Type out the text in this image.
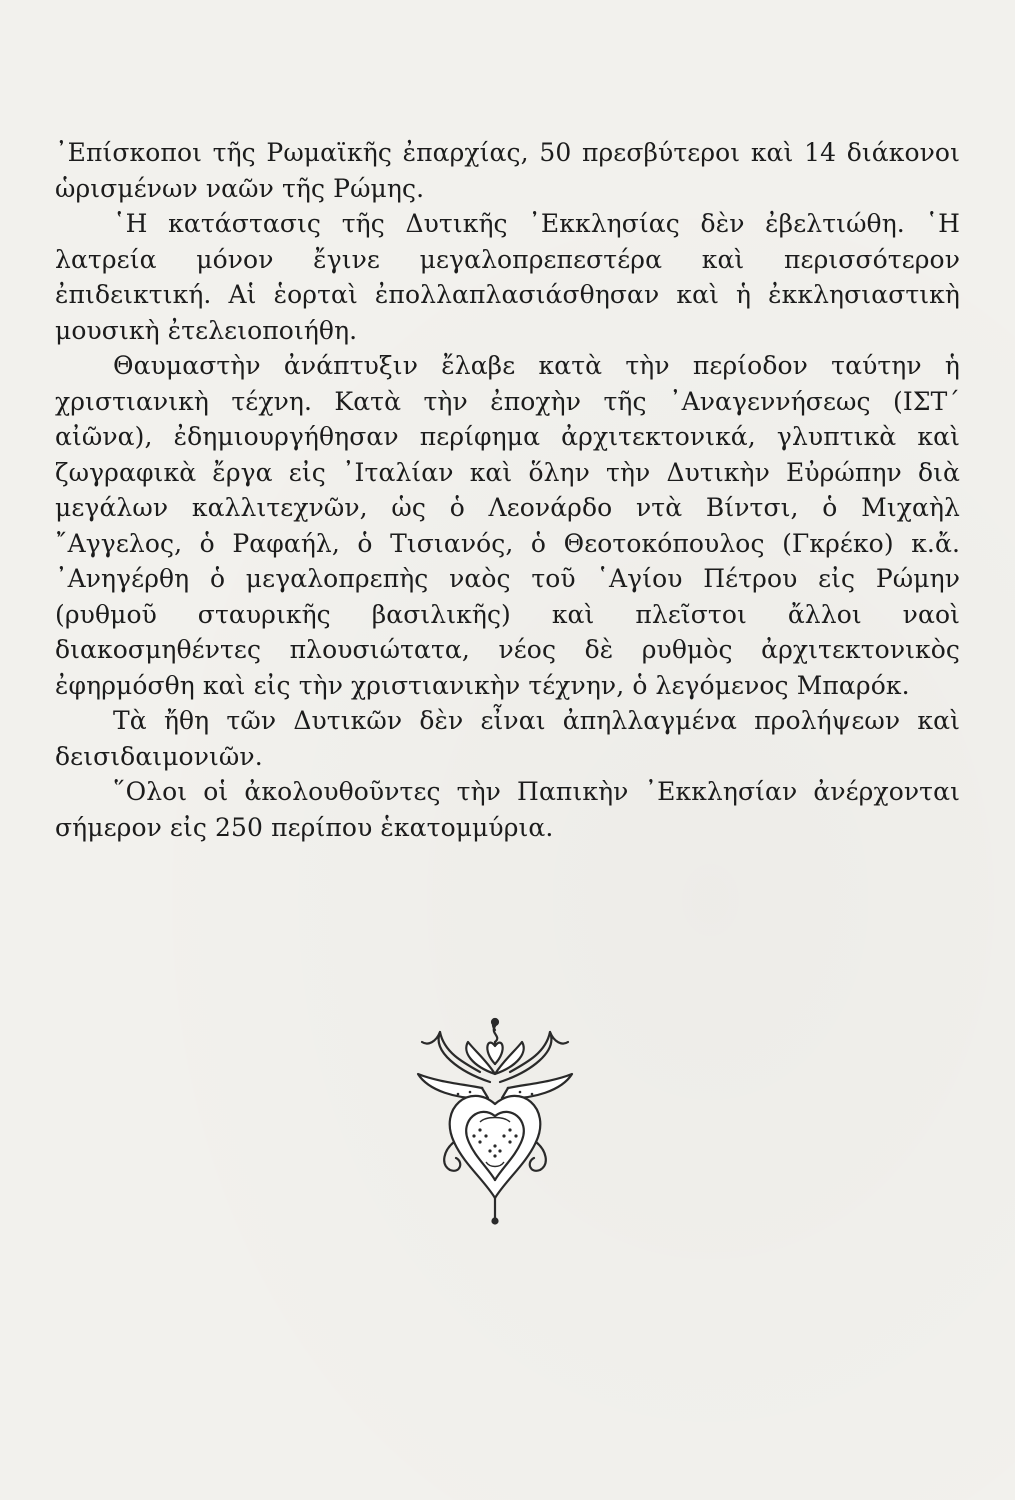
᾿Επίσκοποι τῆς Ρωμαϊκῆς ἐπαρχίας, 50 πρεσβύτεροι καὶ 14 διάκονοι ὡρισμένων ναῶν τῆς Ρώμης.

῾Η κατάστασις τῆς Δυτικῆς ᾿Εκκλησίας δὲν ἐβελτιώθη. ῾Η λατρεία μόνον ἔγινε μεγαλοπρεπεστέρα καὶ περισσότερον ἐπιδεικτική. Αἱ ἑορταὶ ἐπολλαπλασιάσθησαν καὶ ἡ ἐκκλησιαστικὴ μουσικὴ ἐτελειοποιήθη.

Θαυμαστὴν ἀνάπτυξιν ἔλαβε κατὰ τὴν περίοδον ταύτην ἡ χριστιανικὴ τέχνη. Κατὰ τὴν ἐποχὴν τῆς ᾿Αναγεννήσεως (ΙΣΤ΄ αἰῶνα), ἐδημιουργήθησαν περίφημα ἀρχιτεκτονικά, γλυπτικὰ καὶ ζωγραφικὰ ἔργα εἰς ᾿Ιταλίαν καὶ ὅλην τὴν Δυτικὴν Εὐρώπην διὰ μεγάλων καλλιτεχνῶν, ὡς ὁ Λεονάρδο ντὰ Βίντσι, ὁ Μιχαὴλ ῎Αγγελος, ὁ Ραφαήλ, ὁ Τισιανός, ὁ Θεοτοκόπουλος (Γκρέκο) κ.ἄ. ᾿Ανηγέρθη ὁ μεγαλοπρεπὴς ναὸς τοῦ ῾Αγίου Πέτρου εἰς Ρώμην (ρυθμοῦ σταυρικῆς βασιλικῆς) καὶ πλεῖστοι ἄλλοι ναοὶ διακοσμηθέντες πλουσιώτατα, νέος δὲ ρυθμὸς ἀρχιτεκτονικὸς ἐφηρμόσθη καὶ εἰς τὴν χριστιανικὴν τέχνην, ὁ λεγόμενος Μπαρόκ.

Τὰ ἤθη τῶν Δυτικῶν δὲν εἶναι ἀπηλλαγμένα προλήψεων καὶ δεισιδαιμονιῶν.

῞Ολοι οἱ ἀκολουθοῦντες τὴν Παπικὴν ᾿Εκκλησίαν ἀνέρχονται σήμερον εἰς 250 περίπου ἑκατομμύρια.
